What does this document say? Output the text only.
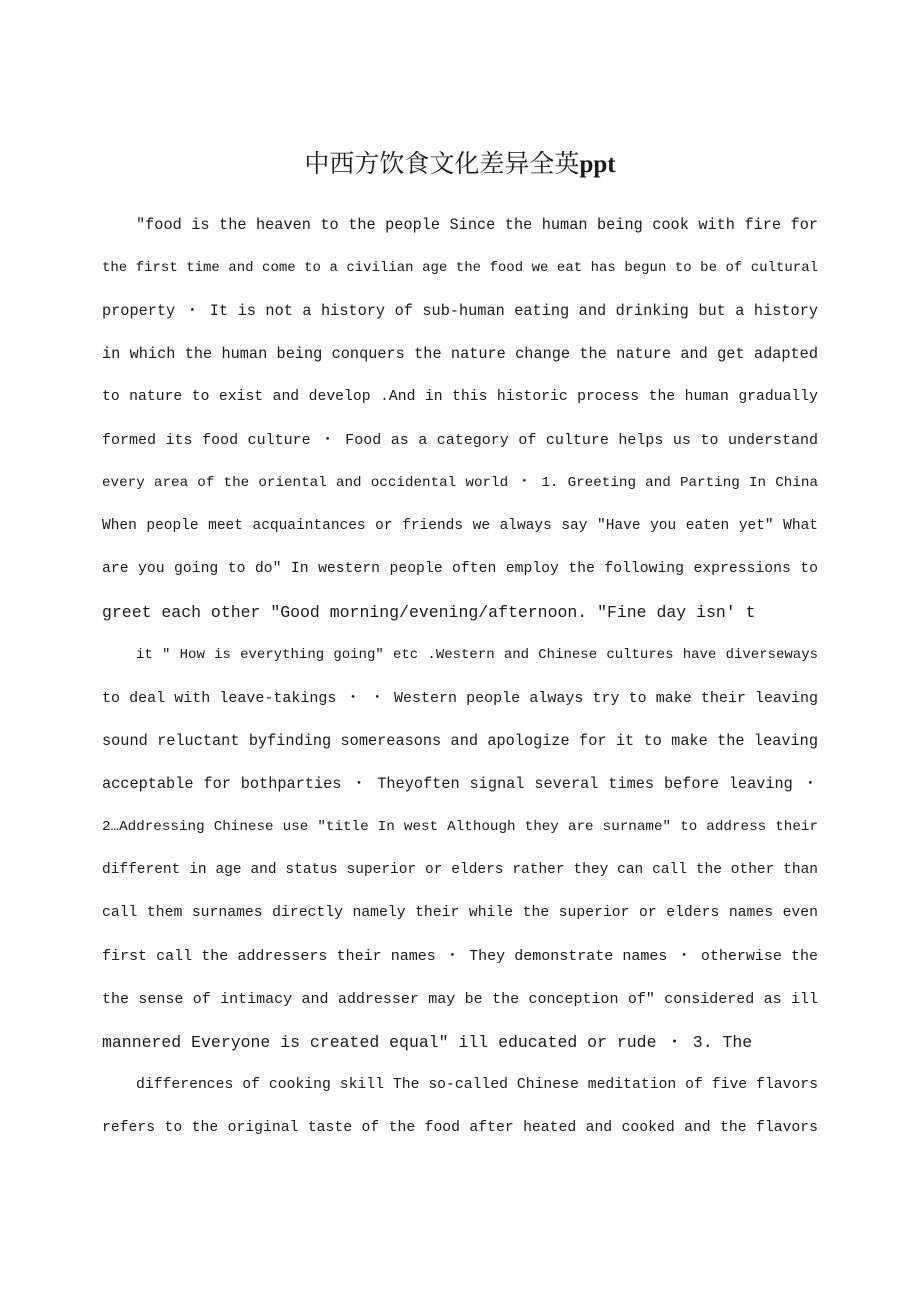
中西方饮食文化差异全英ppt
"food is the heaven to the people Since the human being cook with fire for
the first time and come to a civilian age the food we eat has begun to be of cultural
property ・ It is not a history of sub-human eating and drinking but a history
in which the human being conquers the nature change the nature and get adapted
to nature to exist and develop .And in this historic process the human gradually
formed its food culture ・ Food as a category of culture helps us to understand
every area of the oriental and occidental world ・ 1. Greeting and Parting In China
When people meet acquaintances or friends we always say "Have you eaten yet" What
are you going to do" In western people often employ the following expressions to
greet each other "Good morning/evening/afternoon. "Fine day isn' t
it " How is everything going" etc .Western and Chinese cultures have diverseways
to deal with leave-takings ・ ・ Western people always try to make their leaving
sound reluctant byfinding somereasons and apologize for it to make the leaving
acceptable for bothparties ・ Theyoften signal several times before leaving ・
2…Addressing Chinese use "title In west Although they are surname" to address their
different in age and status superior or elders rather they can call the other than
call them surnames directly namely their while the superior or elders names even
first call the addressers their names ・ They demonstrate names ・ otherwise the
the sense of intimacy and addresser may be the conception of" considered as ill
mannered Everyone is created equal" ill educated or rude ・ 3. The
differences of cooking skill The so-called Chinese meditation of five flavors
refers to the original taste of the food after heated and cooked and the flavors
